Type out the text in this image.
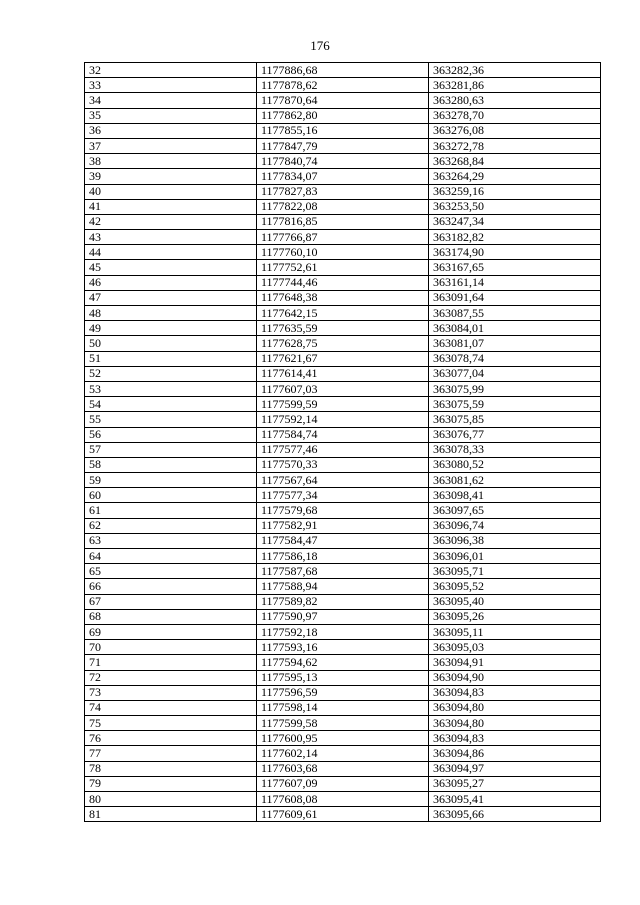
176
32	1177886,68	363282,36
33	1177878,62	363281,86
34	1177870,64	363280,63
35	1177862,80	363278,70
36	1177855,16	363276,08
37	1177847,79	363272,78
38	1177840,74	363268,84
39	1177834,07	363264,29
40	1177827,83	363259,16
41	1177822,08	363253,50
42	1177816,85	363247,34
43	1177766,87	363182,82
44	1177760,10	363174,90
45	1177752,61	363167,65
46	1177744,46	363161,14
47	1177648,38	363091,64
48	1177642,15	363087,55
49	1177635,59	363084,01
50	1177628,75	363081,07
51	1177621,67	363078,74
52	1177614,41	363077,04
53	1177607,03	363075,99
54	1177599,59	363075,59
55	1177592,14	363075,85
56	1177584,74	363076,77
57	1177577,46	363078,33
58	1177570,33	363080,52
59	1177567,64	363081,62
60	1177577,34	363098,41
61	1177579,68	363097,65
62	1177582,91	363096,74
63	1177584,47	363096,38
64	1177586,18	363096,01
65	1177587,68	363095,71
66	1177588,94	363095,52
67	1177589,82	363095,40
68	1177590,97	363095,26
69	1177592,18	363095,11
70	1177593,16	363095,03
71	1177594,62	363094,91
72	1177595,13	363094,90
73	1177596,59	363094,83
74	1177598,14	363094,80
75	1177599,58	363094,80
76	1177600,95	363094,83
77	1177602,14	363094,86
78	1177603,68	363094,97
79	1177607,09	363095,27
80	1177608,08	363095,41
81	1177609,61	363095,66
